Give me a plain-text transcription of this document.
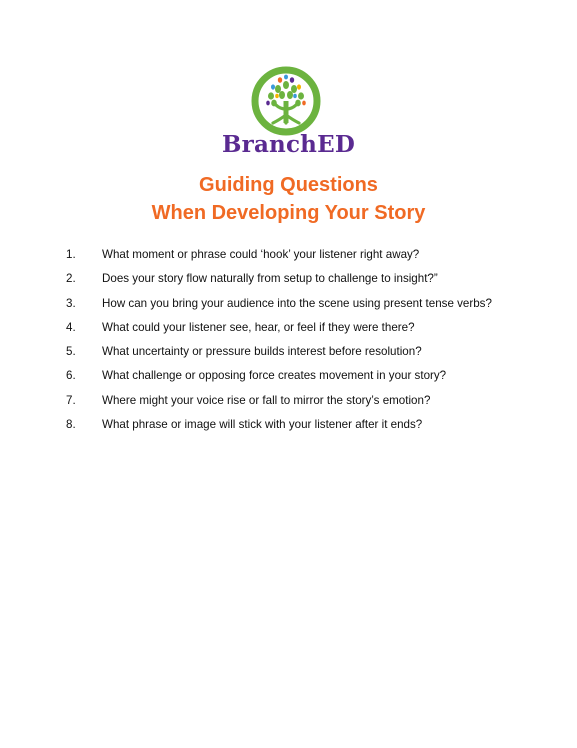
BranchED
Guiding Questions
When Developing Your Story
1. What moment or phrase could ‘hook’ your listener right away?
2. Does your story flow naturally from setup to challenge to insight?”
3. How can you bring your audience into the scene using present tense verbs?
4. What could your listener see, hear, or feel if they were there?
5. What uncertainty or pressure builds interest before resolution?
6. What challenge or opposing force creates movement in your story?
7. Where might your voice rise or fall to mirror the story’s emotion?
8. What phrase or image will stick with your listener after it ends?
